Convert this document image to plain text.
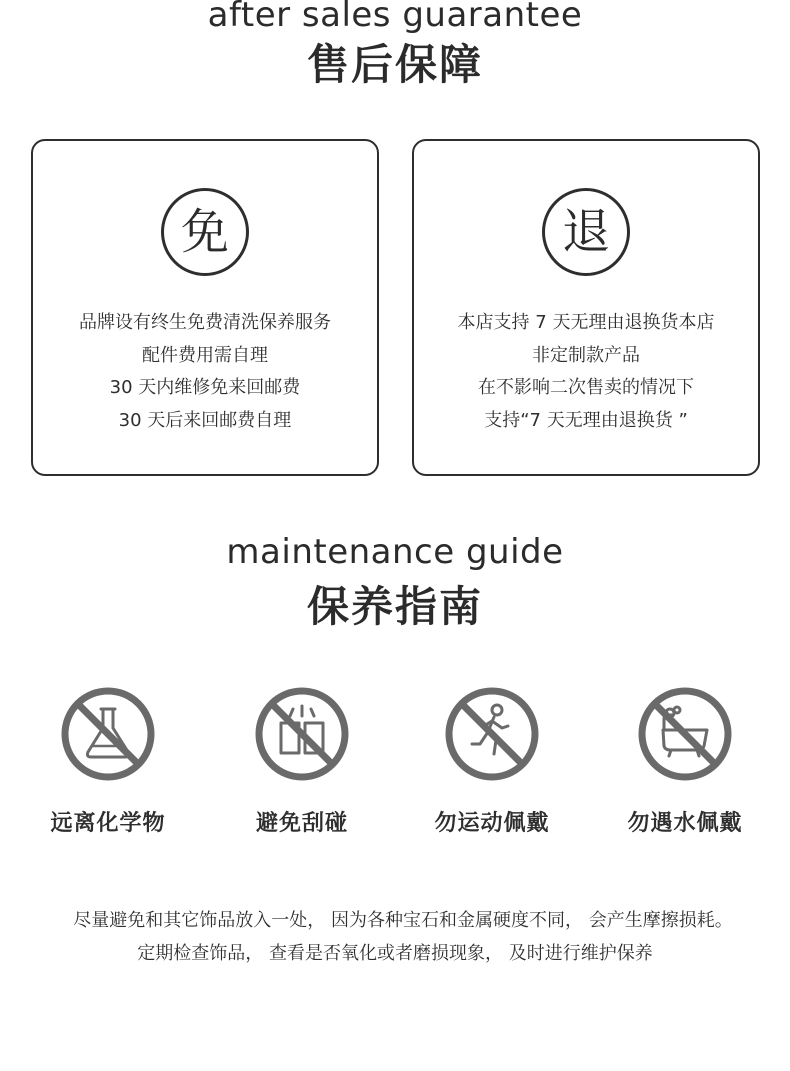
after sales guarantee
售后保障
免
品牌设有终生免费清洗保养服务
配件费用需自理
30 天内维修免来回邮费
30 天后来回邮费自理
退
本店支持 7 天无理由退换货本店
非定制款产品
在不影响二次售卖的情况下
支持“7 天无理由退换货 ”
maintenance guide
保养指南
远离化学物	避免刮碰	勿运动佩戴	勿遇水佩戴
尽量避免和其它饰品放入一处， 因为各种宝石和金属硬度不同， 会产生摩擦损耗。
定期检查饰品， 查看是否氧化或者磨损现象， 及时进行维护保养
